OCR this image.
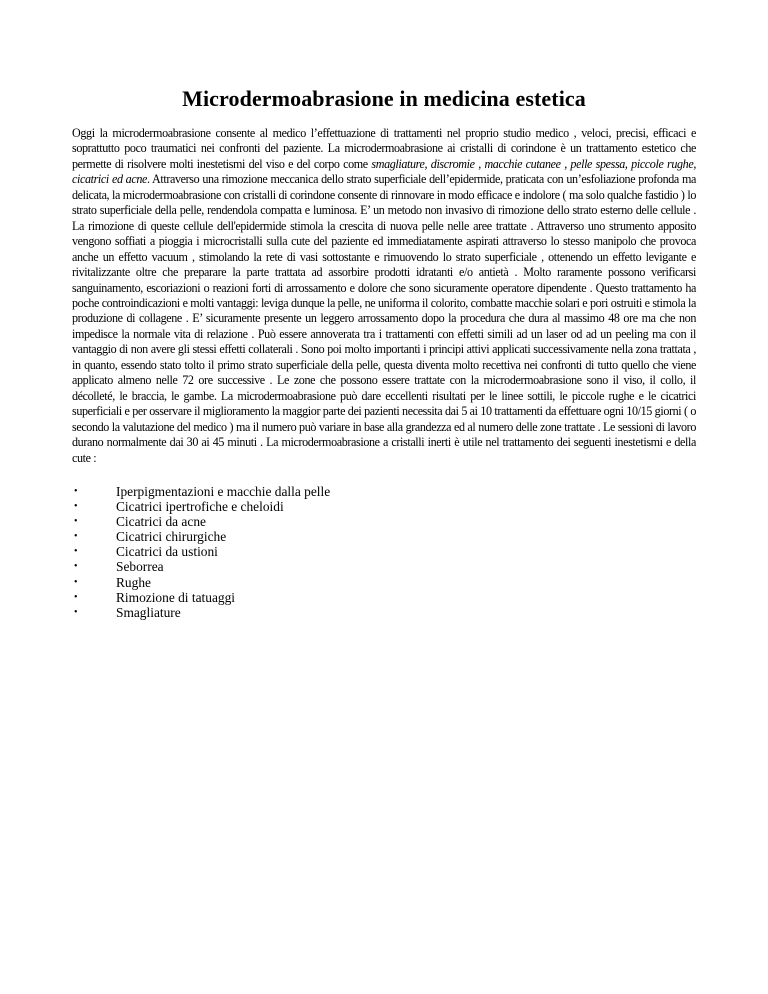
Microdermoabrasione in medicina estetica

Oggi la microdermoabrasione consente al medico l’effettuazione di trattamenti nel proprio studio medico , veloci, precisi, efficaci e soprattutto poco traumatici nei confronti del paziente. La microdermoabrasione ai cristalli di corindone è un trattamento estetico che permette di risolvere molti inestetismi del viso e del corpo come smagliature, discromie , macchie cutanee , pelle spessa, piccole rughe, cicatrici ed acne. Attraverso una rimozione meccanica dello strato superficiale dell’epidermide, praticata con un’esfoliazione profonda ma delicata, la microdermoabrasione con cristalli di corindone consente di rinnovare in modo efficace e indolore ( ma solo qualche fastidio ) lo strato superficiale della pelle, rendendola compatta e luminosa. E’ un metodo non invasivo di rimozione dello strato esterno delle cellule . La rimozione di queste cellule dell'epidermide stimola la crescita di nuova pelle nelle aree trattate . Attraverso uno strumento apposito vengono soffiati a pioggia i microcristalli sulla cute del paziente ed immediatamente aspirati attraverso lo stesso manipolo che provoca anche un effetto vacuum , stimolando la rete di vasi sottostante e rimuovendo lo strato superficiale , ottenendo un effetto levigante e rivitalizzante oltre che preparare la parte trattata ad assorbire prodotti idratanti e/o antietà . Molto raramente possono verificarsi sanguinamento, escoriazioni o reazioni forti di arrossamento e dolore che sono sicuramente operatore dipendente . Questo trattamento ha poche controindicazioni e molti vantaggi: leviga dunque la pelle, ne uniforma il colorito, combatte macchie solari e pori ostruiti e stimola la produzione di collagene . E’ sicuramente presente un leggero arrossamento dopo la procedura che dura al massimo 48 ore ma che non impedisce la normale vita di relazione . Può essere annoverata tra i trattamenti con effetti simili ad un laser od ad un peeling ma con il vantaggio di non avere gli stessi effetti collaterali . Sono poi molto importanti i principi attivi applicati successivamente nella zona trattata , in quanto, essendo stato tolto il primo strato superficiale della pelle, questa diventa molto recettiva nei confronti di tutto quello che viene applicato almeno nelle 72 ore successive . Le zone che possono essere trattate con la microdermoabrasione sono il viso, il collo, il décolleté, le braccia, le gambe. La microdermoabrasione può dare eccellenti risultati per le linee sottili, le piccole rughe e le cicatrici superficiali e per osservare il miglioramento la maggior parte dei pazienti necessita dai 5 ai 10 trattamenti da effettuare ogni 10/15 giorni ( o secondo la valutazione del medico ) ma il numero può variare in base alla grandezza ed al numero delle zone trattate . Le sessioni di lavoro durano normalmente dai 30 ai 45 minuti . La microdermoabrasione a cristalli inerti è utile nel trattamento dei seguenti inestetismi e della cute :

•	Iperpigmentazioni e macchie dalla pelle
•	Cicatrici ipertrofiche e cheloidi
•	Cicatrici da acne
•	Cicatrici chirurgiche
•	Cicatrici da ustioni
•	Seborrea
•	Rughe
•	Rimozione di tatuaggi
•	Smagliature
